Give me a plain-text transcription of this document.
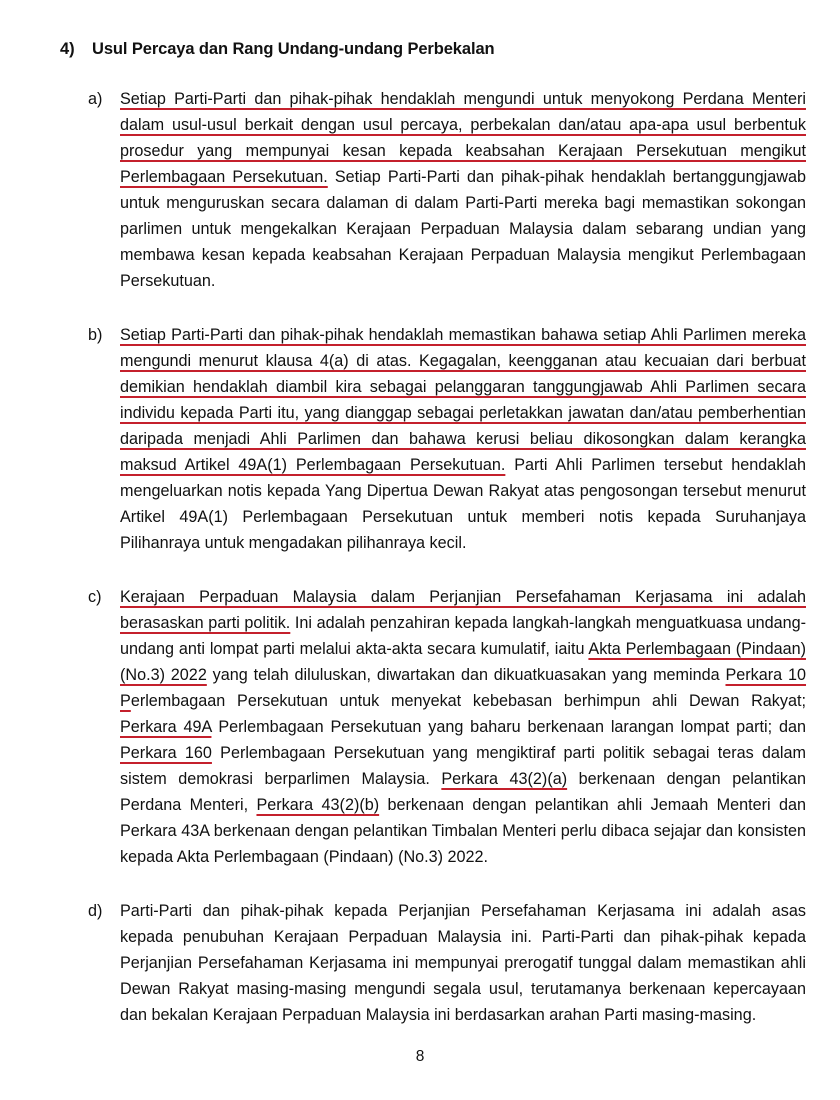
4)	Usul Percaya dan Rang Undang-undang Perbekalan
a)	Setiap Parti-Parti dan pihak-pihak hendaklah mengundi untuk menyokong Perdana Menteri dalam usul-usul berkait dengan usul percaya, perbekalan dan/atau apa-apa usul berbentuk prosedur yang mempunyai kesan kepada keabsahan Kerajaan Persekutuan mengikut Perlembagaan Persekutuan. Setiap Parti-Parti dan pihak-pihak hendaklah bertanggungjawab untuk menguruskan secara dalaman di dalam Parti-Parti mereka bagi memastikan sokongan parlimen untuk mengekalkan Kerajaan Perpaduan Malaysia dalam sebarang undian yang membawa kesan kepada keabsahan Kerajaan Perpaduan Malaysia mengikut Perlembagaan Persekutuan.
b)	Setiap Parti-Parti dan pihak-pihak hendaklah memastikan bahawa setiap Ahli Parlimen mereka mengundi menurut klausa 4(a) di atas. Kegagalan, keengganan atau kecuaian dari berbuat demikian hendaklah diambil kira sebagai pelanggaran tanggungjawab Ahli Parlimen secara individu kepada Parti itu, yang dianggap sebagai perletakkan jawatan dan/atau pemberhentian daripada menjadi Ahli Parlimen dan bahawa kerusi beliau dikosongkan dalam kerangka maksud Artikel 49A(1) Perlembagaan Persekutuan. Parti Ahli Parlimen tersebut hendaklah mengeluarkan notis kepada Yang Dipertua Dewan Rakyat atas pengosongan tersebut menurut Artikel 49A(1) Perlembagaan Persekutuan untuk memberi notis kepada Suruhanjaya Pilihanraya untuk mengadakan pilihanraya kecil.
c)	Kerajaan Perpaduan Malaysia dalam Perjanjian Persefahaman Kerjasama ini adalah berasaskan parti politik. Ini adalah penzahiran kepada langkah-langkah menguatkuasa undang- undang anti lompat parti melalui akta-akta secara kumulatif, iaitu Akta Perlembagaan (Pindaan) (No.3) 2022 yang telah diluluskan, diwartakan dan dikuatkuasakan yang meminda Perkara 10 Perlembagaan Persekutuan untuk menyekat kebebasan berhimpun ahli Dewan Rakyat; Perkara 49A Perlembagaan Persekutuan yang baharu berkenaan larangan lompat parti; dan Perkara 160 Perlembagaan Persekutuan yang mengiktiraf parti politik sebagai teras dalam sistem demokrasi berparlimen Malaysia. Perkara 43(2)(a) berkenaan dengan pelantikan Perdana Menteri, Perkara 43(2)(b) berkenaan dengan pelantikan ahli Jemaah Menteri dan Perkara 43A berkenaan dengan pelantikan Timbalan Menteri perlu dibaca sejajar dan konsisten kepada Akta Perlembagaan (Pindaan) (No.3) 2022.
d)	Parti-Parti dan pihak-pihak kepada Perjanjian Persefahaman Kerjasama ini adalah asas kepada penubuhan Kerajaan Perpaduan Malaysia ini. Parti-Parti dan pihak-pihak kepada Perjanjian Persefahaman Kerjasama ini mempunyai prerogatif tunggal dalam memastikan ahli Dewan Rakyat masing-masing mengundi segala usul, terutamanya berkenaan kepercayaan dan bekalan Kerajaan Perpaduan Malaysia ini berdasarkan arahan Parti masing-masing.
8
